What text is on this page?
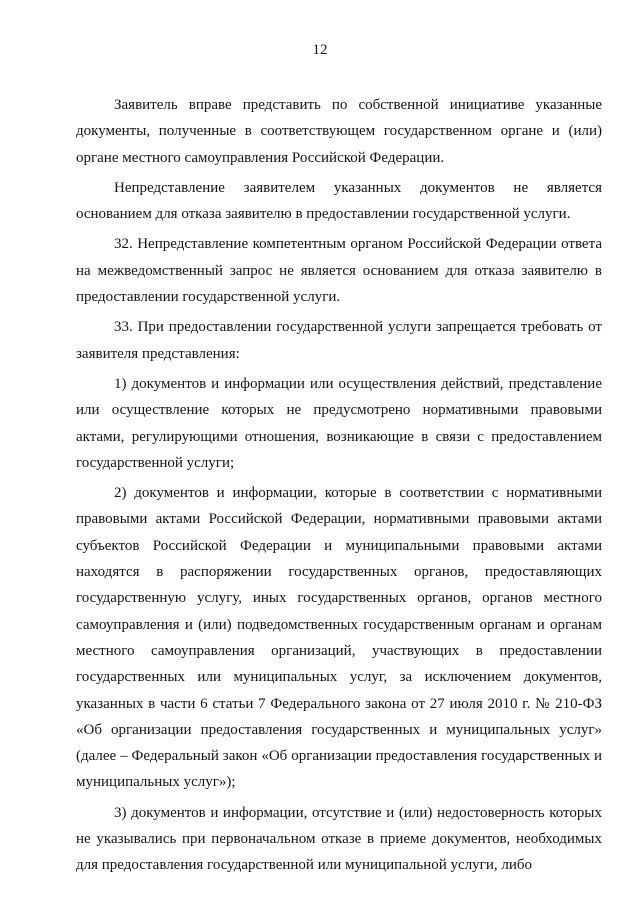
12

Заявитель вправе представить по собственной инициативе указанные документы, полученные в соответствующем государственном органе и (или) органе местного самоуправления Российской Федерации.

Непредставление заявителем указанных документов не является основанием для отказа заявителю в предоставлении государственной услуги.

32. Непредставление компетентным органом Российской Федерации ответа на межведомственный запрос не является основанием для отказа заявителю в предоставлении государственной услуги.

33. При предоставлении государственной услуги запрещается требовать от заявителя представления:

1) документов и информации или осуществления действий, представление или осуществление которых не предусмотрено нормативными правовыми актами, регулирующими отношения, возникающие в связи с предоставлением государственной услуги;

2) документов и информации, которые в соответствии с нормативными правовыми актами Российской Федерации, нормативными правовыми актами субъектов Российской Федерации и муниципальными правовыми актами находятся в распоряжении государственных органов, предоставляющих государственную услугу, иных государственных органов, органов местного самоуправления и (или) подведомственных государственным органам и органам местного самоуправления организаций, участвующих в предоставлении государственных или муниципальных услуг, за исключением документов, указанных в части 6 статьи 7 Федерального закона от 27 июля 2010 г. № 210-ФЗ «Об организации предоставления государственных и муниципальных услуг» (далее – Федеральный закон «Об организации предоставления государственных и муниципальных услуг»);

3) документов и информации, отсутствие и (или) недостоверность которых не указывались при первоначальном отказе в приеме документов, необходимых для предоставления государственной или муниципальной услуги, либо
